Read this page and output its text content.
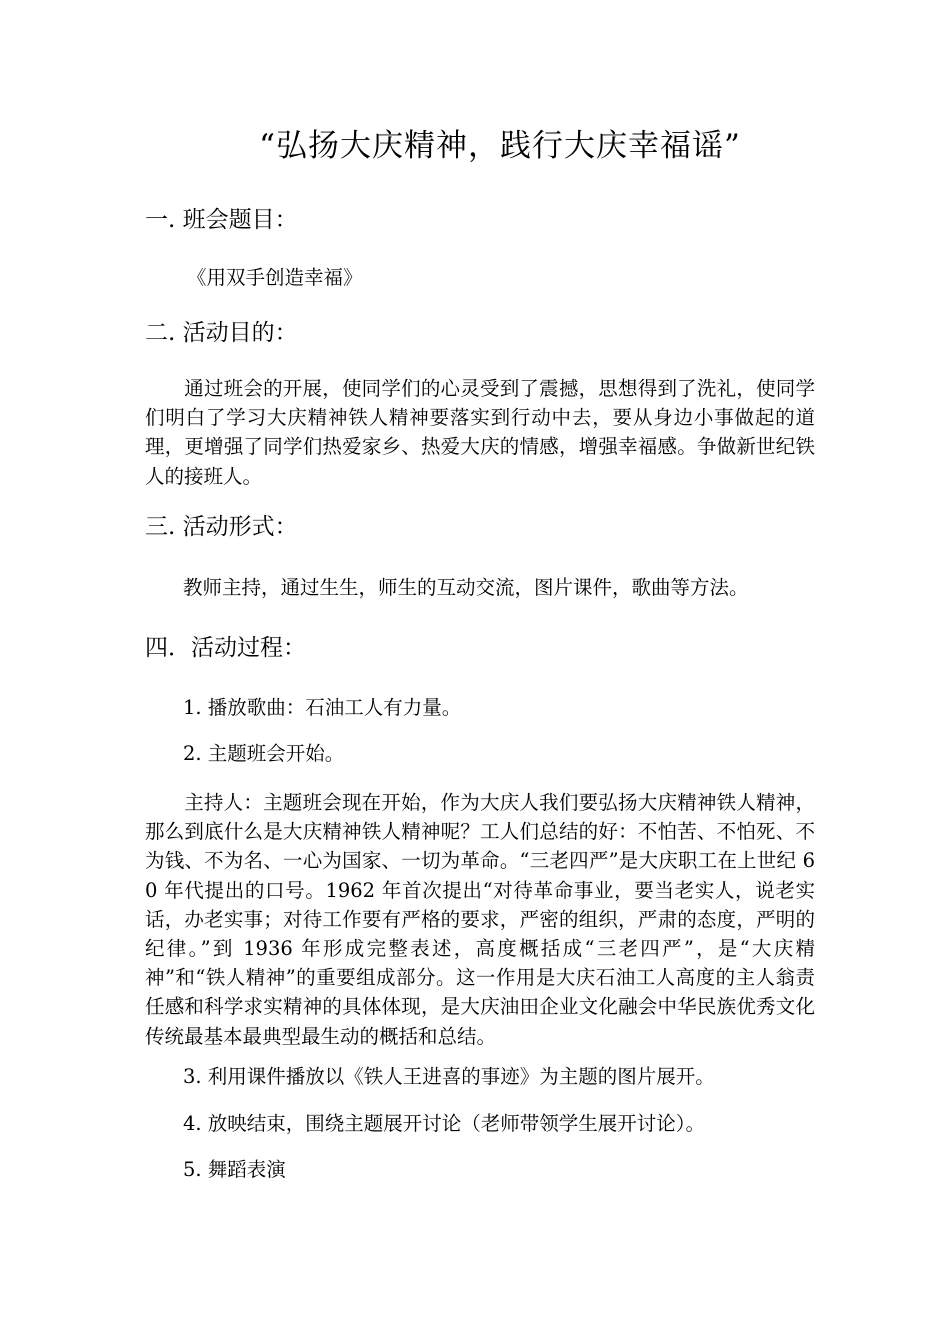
“弘扬大庆精神，践行大庆幸福谣”
一. 班会题目：
《用双手创造幸福》
二. 活动目的：
通过班会的开展，使同学们的心灵受到了震撼，思想得到了洗礼，使同学们明白了学习大庆精神铁人精神要落实到行动中去，要从身边小事做起的道理，更增强了同学们热爱家乡、热爱大庆的情感，增强幸福感。争做新世纪铁人的接班人。
三. 活动形式：
教师主持，通过生生，师生的互动交流，图片课件，歌曲等方法。
四．活动过程：
1. 播放歌曲：石油工人有力量。
2. 主题班会开始。
主持人：主题班会现在开始，作为大庆人我们要弘扬大庆精神铁人精神，那么到底什么是大庆精神铁人精神呢？工人们总结的好：不怕苦、不怕死、不为钱、不为名、一心为国家、一切为革命。“三老四严”是大庆职工在上世纪 60 年代提出的口号。1962 年首次提出“对待革命事业，要当老实人，说老实话，办老实事；对待工作要有严格的要求，严密的组织，严肃的态度，严明的纪律。”到 1936 年形成完整表述，高度概括成“三老四严”，是“大庆精神”和“铁人精神”的重要组成部分。这一作用是大庆石油工人高度的主人翁责任感和科学求实精神的具体体现，是大庆油田企业文化融会中华民族优秀文化传统最基本最典型最生动的概括和总结。
3. 利用课件播放以《铁人王进喜的事迹》为主题的图片展开。
4. 放映结束，围绕主题展开讨论（老师带领学生展开讨论）。
5. 舞蹈表演
